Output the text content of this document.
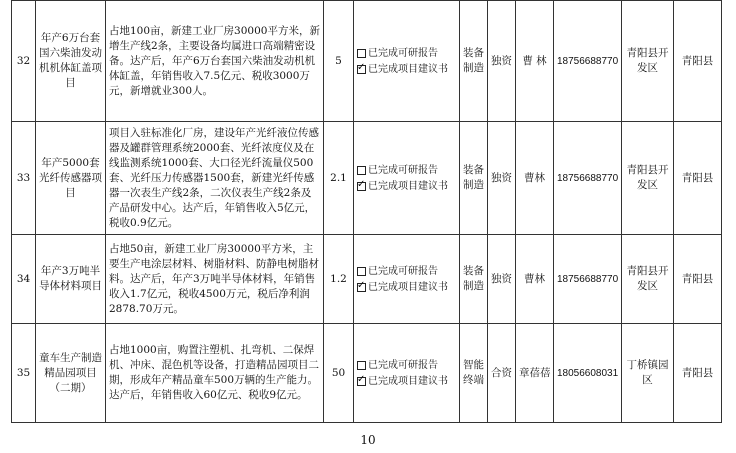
32	年产6万台套国六柴油发动机机体缸盖项目	占地100亩，新建工业厂房30000平方米，新增生产线2条，主要设备均属进口高端精密设备。达产后，年产6万台套国六柴油发动机机体缸盖，年销售收入7.5亿元、税收3000万元，新增就业300人。	5	已完成可研报告
✓
已完成项目建议书	装备制造	独资	曹 林	18756688770	青阳县开发区	青阳县
33	年产5000套光纤传感器项目	项目入驻标准化厂房，建设年产光纤液位传感器及罐群管理系统2000套、光纤浓度仪及在线监测系统1000套、大口径光纤流量仪500套、光纤压力传感器1500套，新建光纤传感器一次表生产线2条，二次仪表生产线2条及产品研发中心。达产后，年销售收入5亿元，税收0.9亿元。	2.1	已完成可研报告
✓
已完成项目建议书	装备制造	独资	曹林	18756688770	青阳县开发区	青阳县
34	年产3万吨半导体材料项目	占地50亩，新建工业厂房30000平方米，主要生产电涂层材料、树脂材料、防静电树脂材料。达产后，年产3万吨半导体材料，年销售收入1.7亿元，税收4500万元，税后净利润2878.70万元。	1.2	已完成可研报告
✓
已完成项目建议书	装备制造	独资	曹林	18756688770	青阳县开发区	青阳县
35	童车生产制造精品园项目（二期）	占地1000亩，购置注塑机、扎弯机、二保焊机、冲床、混色机等设备，打造精品园项目二期，形成年产精品童车500万辆的生产能力。达产后，年销售收入60亿元、税收9亿元。	50	已完成可研报告
✓
已完成项目建议书	智能终端	合资	章蓓蓓	18056608031	丁桥镇园区	青阳县
10
